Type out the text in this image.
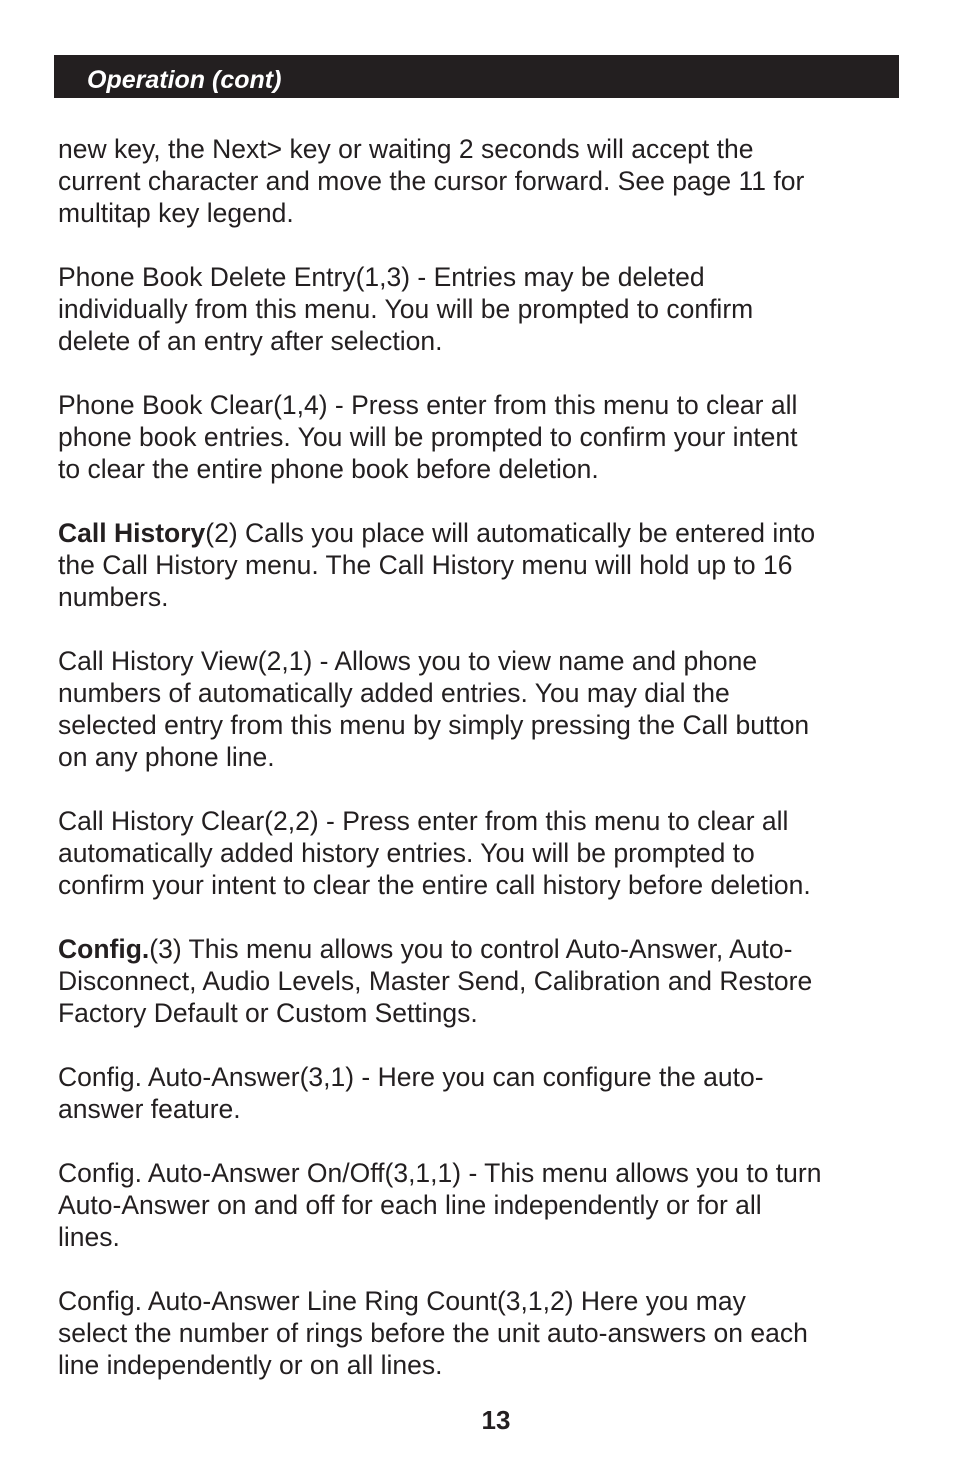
Operation (cont)

new key, the Next> key or waiting 2 seconds will accept the
current character and move the cursor forward. See page 11 for
multitap key legend.

Phone Book Delete Entry(1,3) - Entries may be deleted
individually from this menu. You will be prompted to confirm
delete of an entry after selection.

Phone Book Clear(1,4) - Press enter from this menu to clear all
phone book entries. You will be prompted to confirm your intent
to clear the entire phone book before deletion.

Call History(2) Calls you place will automatically be entered into
the Call History menu. The Call History menu will hold up to 16
numbers.

Call History View(2,1) - Allows you to view name and phone
numbers of automatically added entries. You may dial the
selected entry from this menu by simply pressing the Call button
on any phone line.

Call History Clear(2,2) - Press enter from this menu to clear all
automatically added history entries. You will be prompted to
confirm your intent to clear the entire call history before deletion.

Config.(3) This menu allows you to control Auto-Answer, Auto-
Disconnect, Audio Levels, Master Send, Calibration and Restore
Factory Default or Custom Settings.

Config. Auto-Answer(3,1) - Here you can configure the auto-
answer feature.

Config. Auto-Answer On/Off(3,1,1) - This menu allows you to turn
Auto-Answer on and off for each line independently or for all
lines.

Config. Auto-Answer Line Ring Count(3,1,2) Here you may
select the number of rings before the unit auto-answers on each
line independently or on all lines.

13
